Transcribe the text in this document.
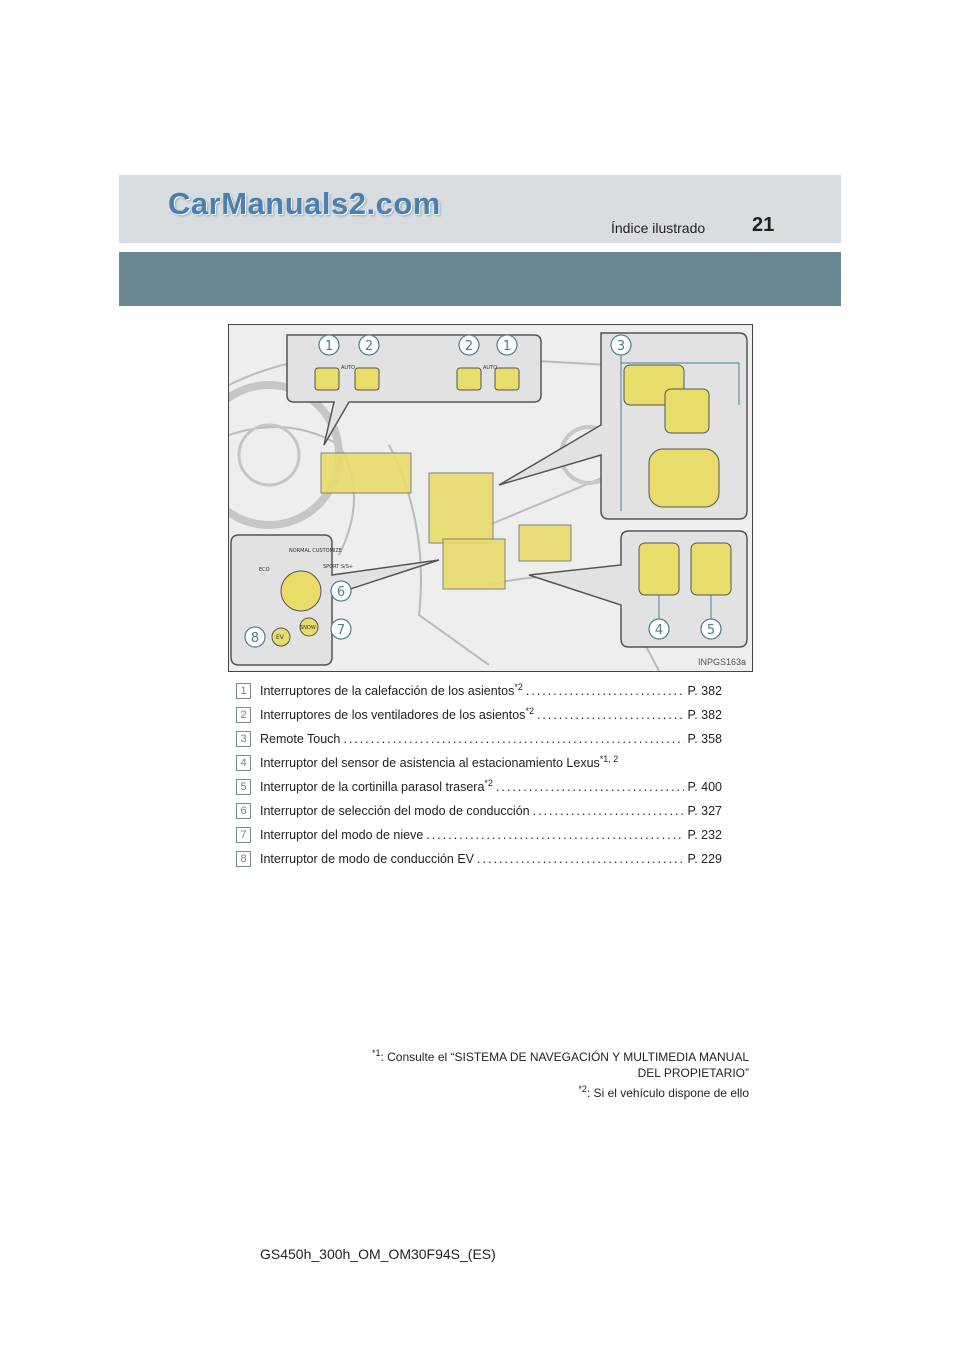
CarManuals2.com
Índice ilustrado 21
AUTO	AUTO
NORMAL CUSTOMIZE
SPORT S/S+
ECO
EV
SNOW
1 2	2 1	3
4	5
6
7
8
INPGS163a
1	Interruptores de la calefacción de los asientos$^{*2}$ .....	P. 382
2	Interruptores de los ventiladores de los asientos$^{*2}$ .....	P. 382
3	Remote Touch .....	P. 358
4	Interruptor del sensor de asistencia al estacionamiento Lexus$^{*1, 2}$
5	Interruptor de la cortinilla parasol trasera$^{*2}$ .....	P. 400
6	Interruptor de selección del modo de conducción .....	P. 327
7	Interruptor del modo de nieve .....	P. 232
8	Interruptor de modo de conducción EV .....	P. 229
$^{*1}$: Consulte el “SISTEMA DE NAVEGACIÓN Y MULTIMEDIA MANUAL
DEL PROPIETARIO”
$^{*2}$: Si el vehículo dispone de ello
GS450h_300h_OM_OM30F94S_(ES)
